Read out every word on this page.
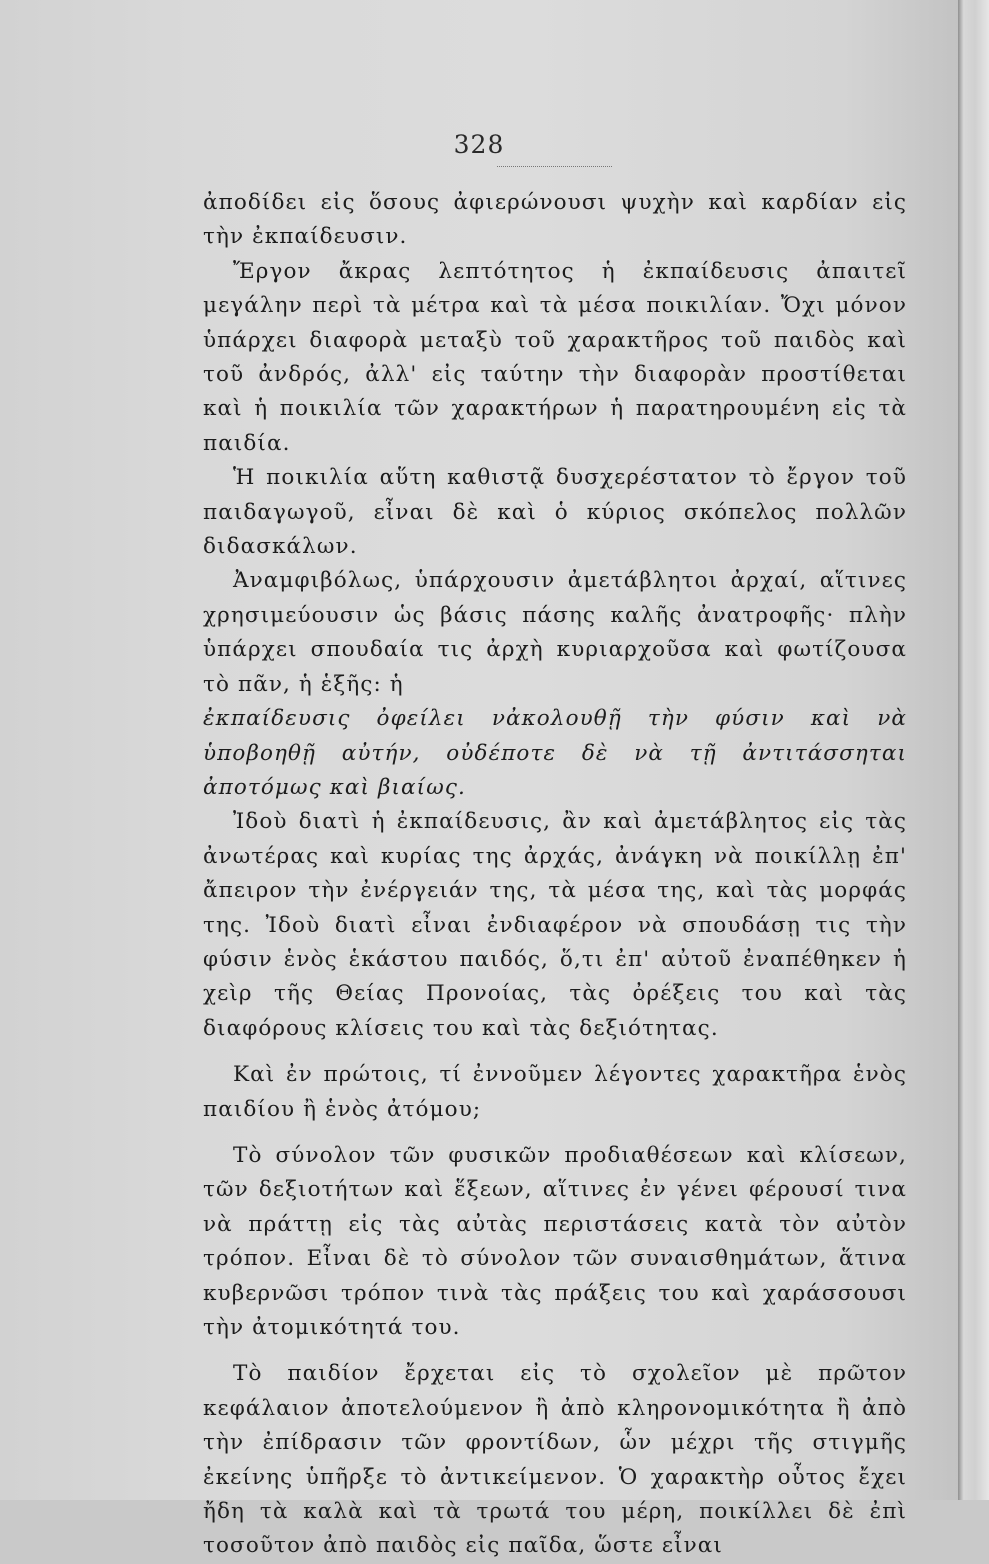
328

ἀποδίδει εἰς ὅσους ἀφιερώνουσι ψυχὴν καὶ καρδίαν εἰς τὴν ἐκπαίδευσιν.

Ἔργον ἄκρας λεπτότητος ἡ ἐκπαίδευσις ἀπαιτεῖ μεγάλην περὶ τὰ μέτρα καὶ τὰ μέσα ποικιλίαν. Ὄχι μόνον ὑπάρχει διαφορὰ μεταξὺ τοῦ χαρακτῆρος τοῦ παιδὸς καὶ τοῦ ἀνδρός, ἀλλ' εἰς ταύτην τὴν διαφορὰν προστίθεται καὶ ἡ ποικιλία τῶν χαρακτήρων ἡ παρατηρουμένη εἰς τὰ παιδία.

Ἡ ποικιλία αὕτη καθιστᾷ δυσχερέστατον τὸ ἔργον τοῦ παιδαγωγοῦ, εἶναι δὲ καὶ ὁ κύριος σκόπελος πολλῶν διδασκάλων.

Ἀναμφιβόλως, ὑπάρχουσιν ἀμετάβλητοι ἀρχαί, αἵτινες χρησιμεύουσιν ὡς βάσις πάσης καλῆς ἀνατροφῆς· πλὴν ὑπάρχει σπουδαία τις ἀρχὴ κυριαρχοῦσα καὶ φωτίζουσα τὸ πᾶν, ἡ ἑξῆς: ἡ

ἐκπαίδευσις ὀφείλει νἀκολουθῇ τὴν φύσιν καὶ νὰ ὑποβοηθῇ αὐτήν, οὐδέποτε δὲ νὰ τῇ ἀντιτάσσηται ἀποτόμως καὶ βιαίως.

Ἰδοὺ διατὶ ἡ ἐκπαίδευσις, ἂν καὶ ἀμετάβλητος εἰς τὰς ἀνωτέρας καὶ κυρίας της ἀρχάς, ἀνάγκη νὰ ποικίλλῃ ἐπ' ἄπειρον τὴν ἐνέργειάν της, τὰ μέσα της, καὶ τὰς μορφάς της. Ἰδοὺ διατὶ εἶναι ἐνδιαφέρον νὰ σπουδάσῃ τις τὴν φύσιν ἑνὸς ἑκάστου παιδός, ὅ,τι ἐπ' αὐτοῦ ἐναπέθηκεν ἡ χεὶρ τῆς Θείας Προνοίας, τὰς ὀρέξεις του καὶ τὰς διαφόρους κλίσεις του καὶ τὰς δεξιότητας.

Καὶ ἐν πρώτοις, τί ἐννοῦμεν λέγοντες χαρακτῆρα ἑνὸς παιδίου ἢ ἑνὸς ἀτόμου;

Τὸ σύνολον τῶν φυσικῶν προδιαθέσεων καὶ κλίσεων, τῶν δεξιοτήτων καὶ ἕξεων, αἵτινες ἐν γένει φέρουσί τινα νὰ πράττῃ εἰς τὰς αὐτὰς περιστάσεις κατὰ τὸν αὐτὸν τρόπον. Εἶναι δὲ τὸ σύνολον τῶν συναισθημάτων, ἅτινα κυβερνῶσι τρόπον τινὰ τὰς πράξεις του καὶ χαράσσουσι τὴν ἀτομικότητά του.

Τὸ παιδίον ἔρχεται εἰς τὸ σχολεῖον μὲ πρῶτον κεφάλαιον ἀποτελούμενον ἢ ἀπὸ κληρονομικότητα ἢ ἀπὸ τὴν ἐπίδρασιν τῶν φροντίδων, ὧν μέχρι τῆς στιγμῆς ἐκείνης ὑπῆρξε τὸ ἀντικείμενον. Ὁ χαρακτὴρ οὗτος ἔχει ἤδη τὰ καλὰ καὶ τὰ τρωτά του μέρη, ποικίλλει δὲ ἐπὶ τοσοῦτον ἀπὸ παιδὸς εἰς παῖδα, ὥστε εἶναι
